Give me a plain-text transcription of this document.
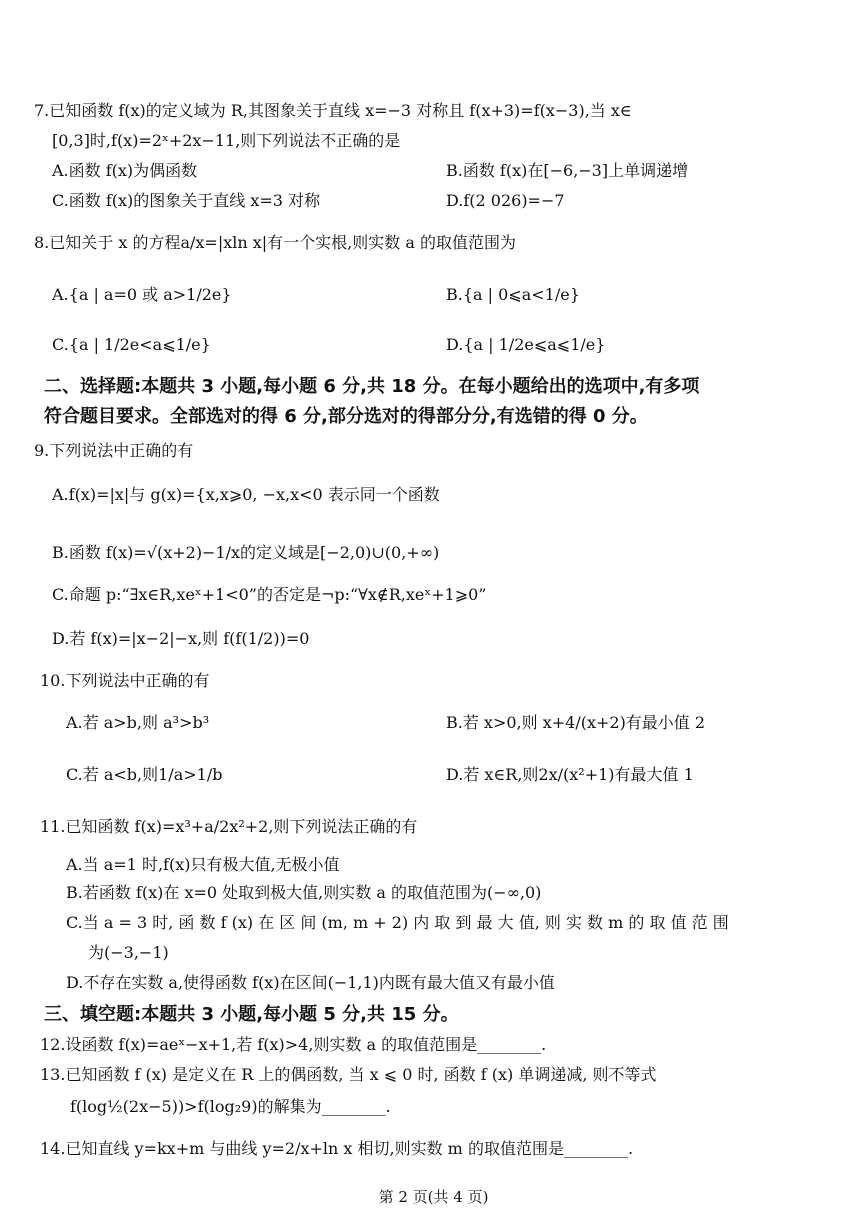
7.已知函数 f(x)的定义域为 R,其图象关于直线 x=−3 对称且 f(x+3)=f(x−3),当 x∈
[0,3]时,f(x)=2ˣ+2x−11,则下列说法不正确的是
A.函数 f(x)为偶函数	B.函数 f(x)在[−6,−3]上单调递增
C.函数 f(x)的图象关于直线 x=3 对称	D.f(2 026)=−7
8.已知关于 x 的方程a/x=|xln x|有一个实根,则实数 a 的取值范围为
A.{a | a=0 或 a>1/2e}	B.{a | 0⩽a<1/e}
C.{a | 1/2e<a⩽1/e}	D.{a | 1/2e⩽a⩽1/e}
二、选择题:本题共 3 小题,每小题 6 分,共 18 分。在每小题给出的选项中,有多项
符合题目要求。全部选对的得 6 分,部分选对的得部分分,有选错的得 0 分。
9.下列说法中正确的有
A.f(x)=|x|与 g(x)={x,x⩾0, −x,x<0 表示同一个函数
B.函数 f(x)=√(x+2)−1/x的定义域是[−2,0)∪(0,+∞)
C.命题 p:“∃x∈R,xeˣ+1<0”的否定是¬p:“∀x∉R,xeˣ+1⩾0”
D.若 f(x)=|x−2|−x,则 f(f(1/2))=0
10.下列说法中正确的有
A.若 a>b,则 a³>b³	B.若 x>0,则 x+4/(x+2)有最小值 2
C.若 a<b,则1/a>1/b	D.若 x∈R,则2x/(x²+1)有最大值 1
11.已知函数 f(x)=x³+a/2x²+2,则下列说法正确的有
A.当 a=1 时,f(x)只有极大值,无极小值
B.若函数 f(x)在 x=0 处取到极大值,则实数 a 的取值范围为(−∞,0)
C.当 a = 3 时, 函 数 f (x) 在 区 间 (m, m + 2) 内 取 到 最 大 值, 则 实 数 m 的 取 值 范 围
为(−3,−1)
D.不存在实数 a,使得函数 f(x)在区间(−1,1)内既有最大值又有最小值
三、填空题:本题共 3 小题,每小题 5 分,共 15 分。
12.设函数 f(x)=aeˣ−x+1,若 f(x)>4,则实数 a 的取值范围是________.
13.已知函数 f (x) 是定义在 R 上的偶函数, 当 x ⩽ 0 时, 函数 f (x) 单调递减, 则不等式
f(log½(2x−5))>f(log₂9)的解集为________.
14.已知直线 y=kx+m 与曲线 y=2/x+ln x 相切,则实数 m 的取值范围是________.
第 2 页(共 4 页)
